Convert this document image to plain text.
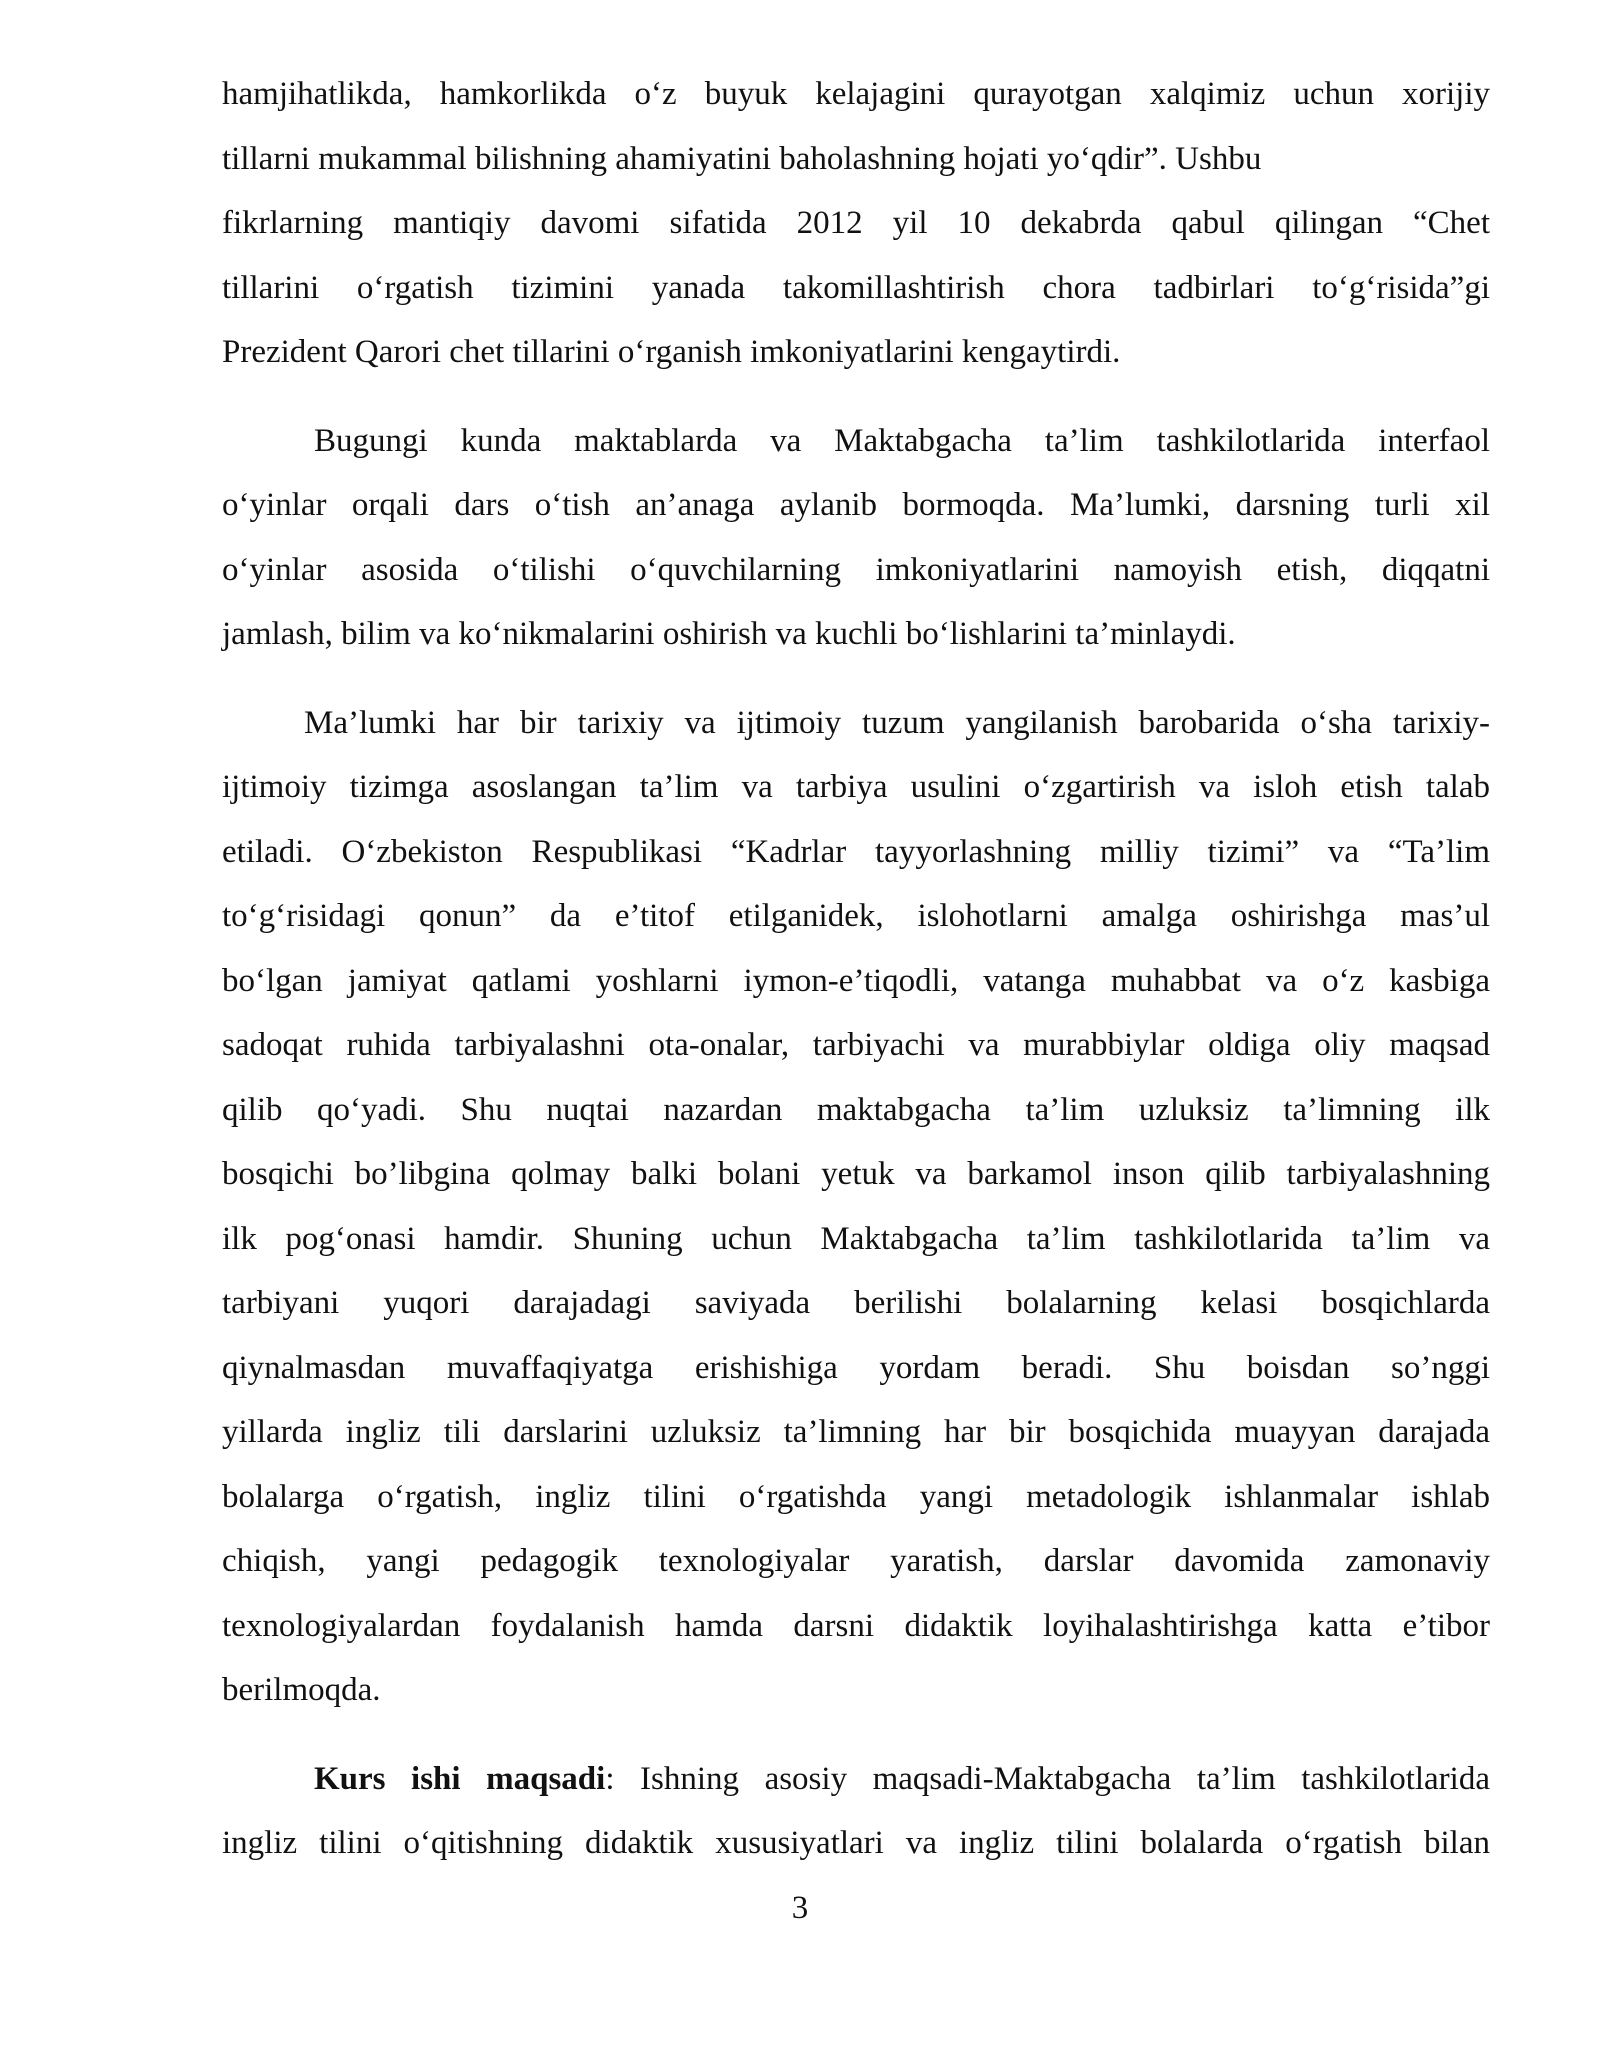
hamjihatlikda, hamkorlikda o‘z buyuk kelajagini qurayotgan xalqimiz uchun xorijiy
tillarni mukammal bilishning ahamiyatini baholashning hojati yo‘qdir”. Ushbu
fikrlarning mantiqiy davomi sifatida 2012 yil 10 dekabrda qabul qilingan “Chet
tillarini o‘rgatish tizimini yanada takomillashtirish chora tadbirlari to‘g‘risida”gi
Prezident Qarori chet tillarini o‘rganish imkoniyatlarini kengaytirdi.
Bugungi kunda maktablarda va Maktabgacha ta’lim tashkilotlarida interfaol
o‘yinlar orqali dars o‘tish an’anaga aylanib bormoqda. Ma’lumki, darsning turli xil
o‘yinlar asosida o‘tilishi o‘quvchilarning imkoniyatlarini namoyish etish, diqqatni
jamlash, bilim va ko‘nikmalarini oshirish va kuchli bo‘lishlarini ta’minlaydi.
Ma’lumki har bir tarixiy va ijtimoiy tuzum yangilanish barobarida o‘sha tarixiy-
ijtimoiy tizimga asoslangan ta’lim va tarbiya usulini o‘zgartirish va isloh etish talab
etiladi. O‘zbekiston Respublikasi “Kadrlar tayyorlashning milliy tizimi” va “Ta’lim
to‘g‘risidagi qonun” da e’titof etilganidek, islohotlarni amalga oshirishga mas’ul
bo‘lgan jamiyat qatlami yoshlarni iymon-e’tiqodli, vatanga muhabbat va o‘z kasbiga
sadoqat ruhida tarbiyalashni ota-onalar, tarbiyachi va murabbiylar oldiga oliy maqsad
qilib qo‘yadi. Shu nuqtai nazardan maktabgacha ta’lim uzluksiz ta’limning ilk
bosqichi bo’libgina qolmay balki bolani yetuk va barkamol inson qilib tarbiyalashning
ilk pog‘onasi hamdir. Shuning uchun Maktabgacha ta’lim tashkilotlarida ta’lim va
tarbiyani yuqori darajadagi saviyada berilishi bolalarning kelasi bosqichlarda
qiynalmasdan muvaffaqiyatga erishishiga yordam beradi. Shu boisdan so’nggi
yillarda ingliz tili darslarini uzluksiz ta’limning har bir bosqichida muayyan darajada
bolalarga o‘rgatish, ingliz tilini o‘rgatishda yangi metadologik ishlanmalar ishlab
chiqish, yangi pedagogik texnologiyalar yaratish, darslar davomida zamonaviy
texnologiyalardan foydalanish hamda darsni didaktik loyihalashtirishga katta e’tibor
berilmoqda.
Kurs ishi maqsadi: Ishning asosiy maqsadi-Maktabgacha ta’lim tashkilotlarida
ingliz tilini o‘qitishning didaktik xususiyatlari va ingliz tilini bolalarda o‘rgatish bilan
3
